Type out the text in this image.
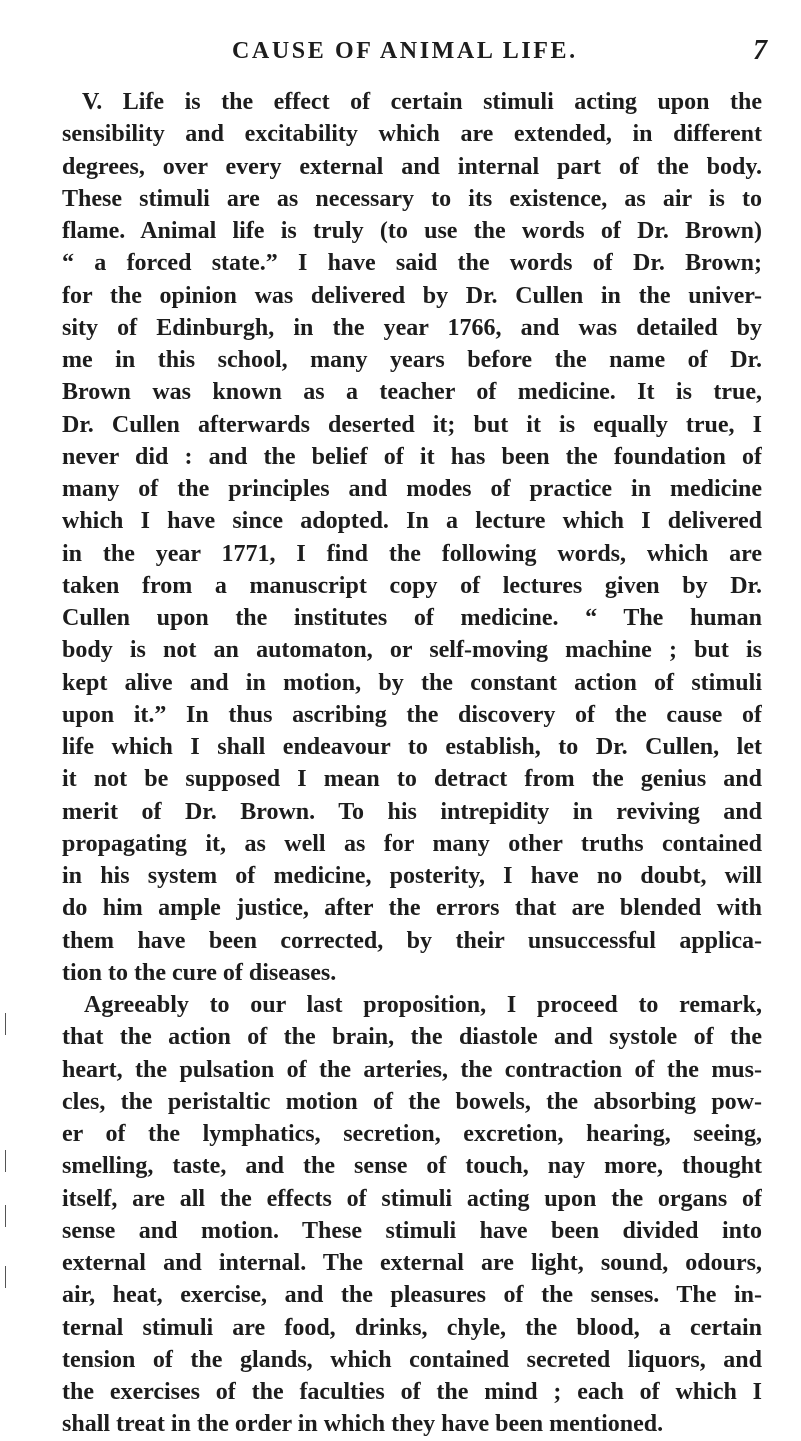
CAUSE OF ANIMAL LIFE.	7
V. Life is the effect of certain stimuli acting upon the
sensibility and excitability which are extended, in different
degrees, over every external and internal part of the body.
These stimuli are as necessary to its existence, as air is to
flame. Animal life is truly (to use the words of Dr. Brown)
“ a forced state.” I have said the words of Dr. Brown;
for the opinion was delivered by Dr. Cullen in the univer-
sity of Edinburgh, in the year 1766, and was detailed by
me in this school, many years before the name of Dr.
Brown was known as a teacher of medicine. It is true,
Dr. Cullen afterwards deserted it; but it is equally true, I
never did : and the belief of it has been the foundation of
many of the principles and modes of practice in medicine
which I have since adopted. In a lecture which I delivered
in the year 1771, I find the following words, which are
taken from a manuscript copy of lectures given by Dr.
Cullen upon the institutes of medicine. “ The human
body is not an automaton, or self-moving machine ; but is
kept alive and in motion, by the constant action of stimuli
upon it.” In thus ascribing the discovery of the cause of
life which I shall endeavour to establish, to Dr. Cullen, let
it not be supposed I mean to detract from the genius and
merit of Dr. Brown. To his intrepidity in reviving and
propagating it, as well as for many other truths contained
in his system of medicine, posterity, I have no doubt, will
do him ample justice, after the errors that are blended with
them have been corrected, by their unsuccessful applica-
tion to the cure of diseases.
Agreeably to our last proposition, I proceed to remark,
that the action of the brain, the diastole and systole of the
heart, the pulsation of the arteries, the contraction of the mus-
cles, the peristaltic motion of the bowels, the absorbing pow-
er of the lymphatics, secretion, excretion, hearing, seeing,
smelling, taste, and the sense of touch, nay more, thought
itself, are all the effects of stimuli acting upon the organs of
sense and motion. These stimuli have been divided into
external and internal. The external are light, sound, odours,
air, heat, exercise, and the pleasures of the senses. The in-
ternal stimuli are food, drinks, chyle, the blood, a certain
tension of the glands, which contained secreted liquors, and
the exercises of the faculties of the mind ; each of which I
shall treat in the order in which they have been mentioned.
